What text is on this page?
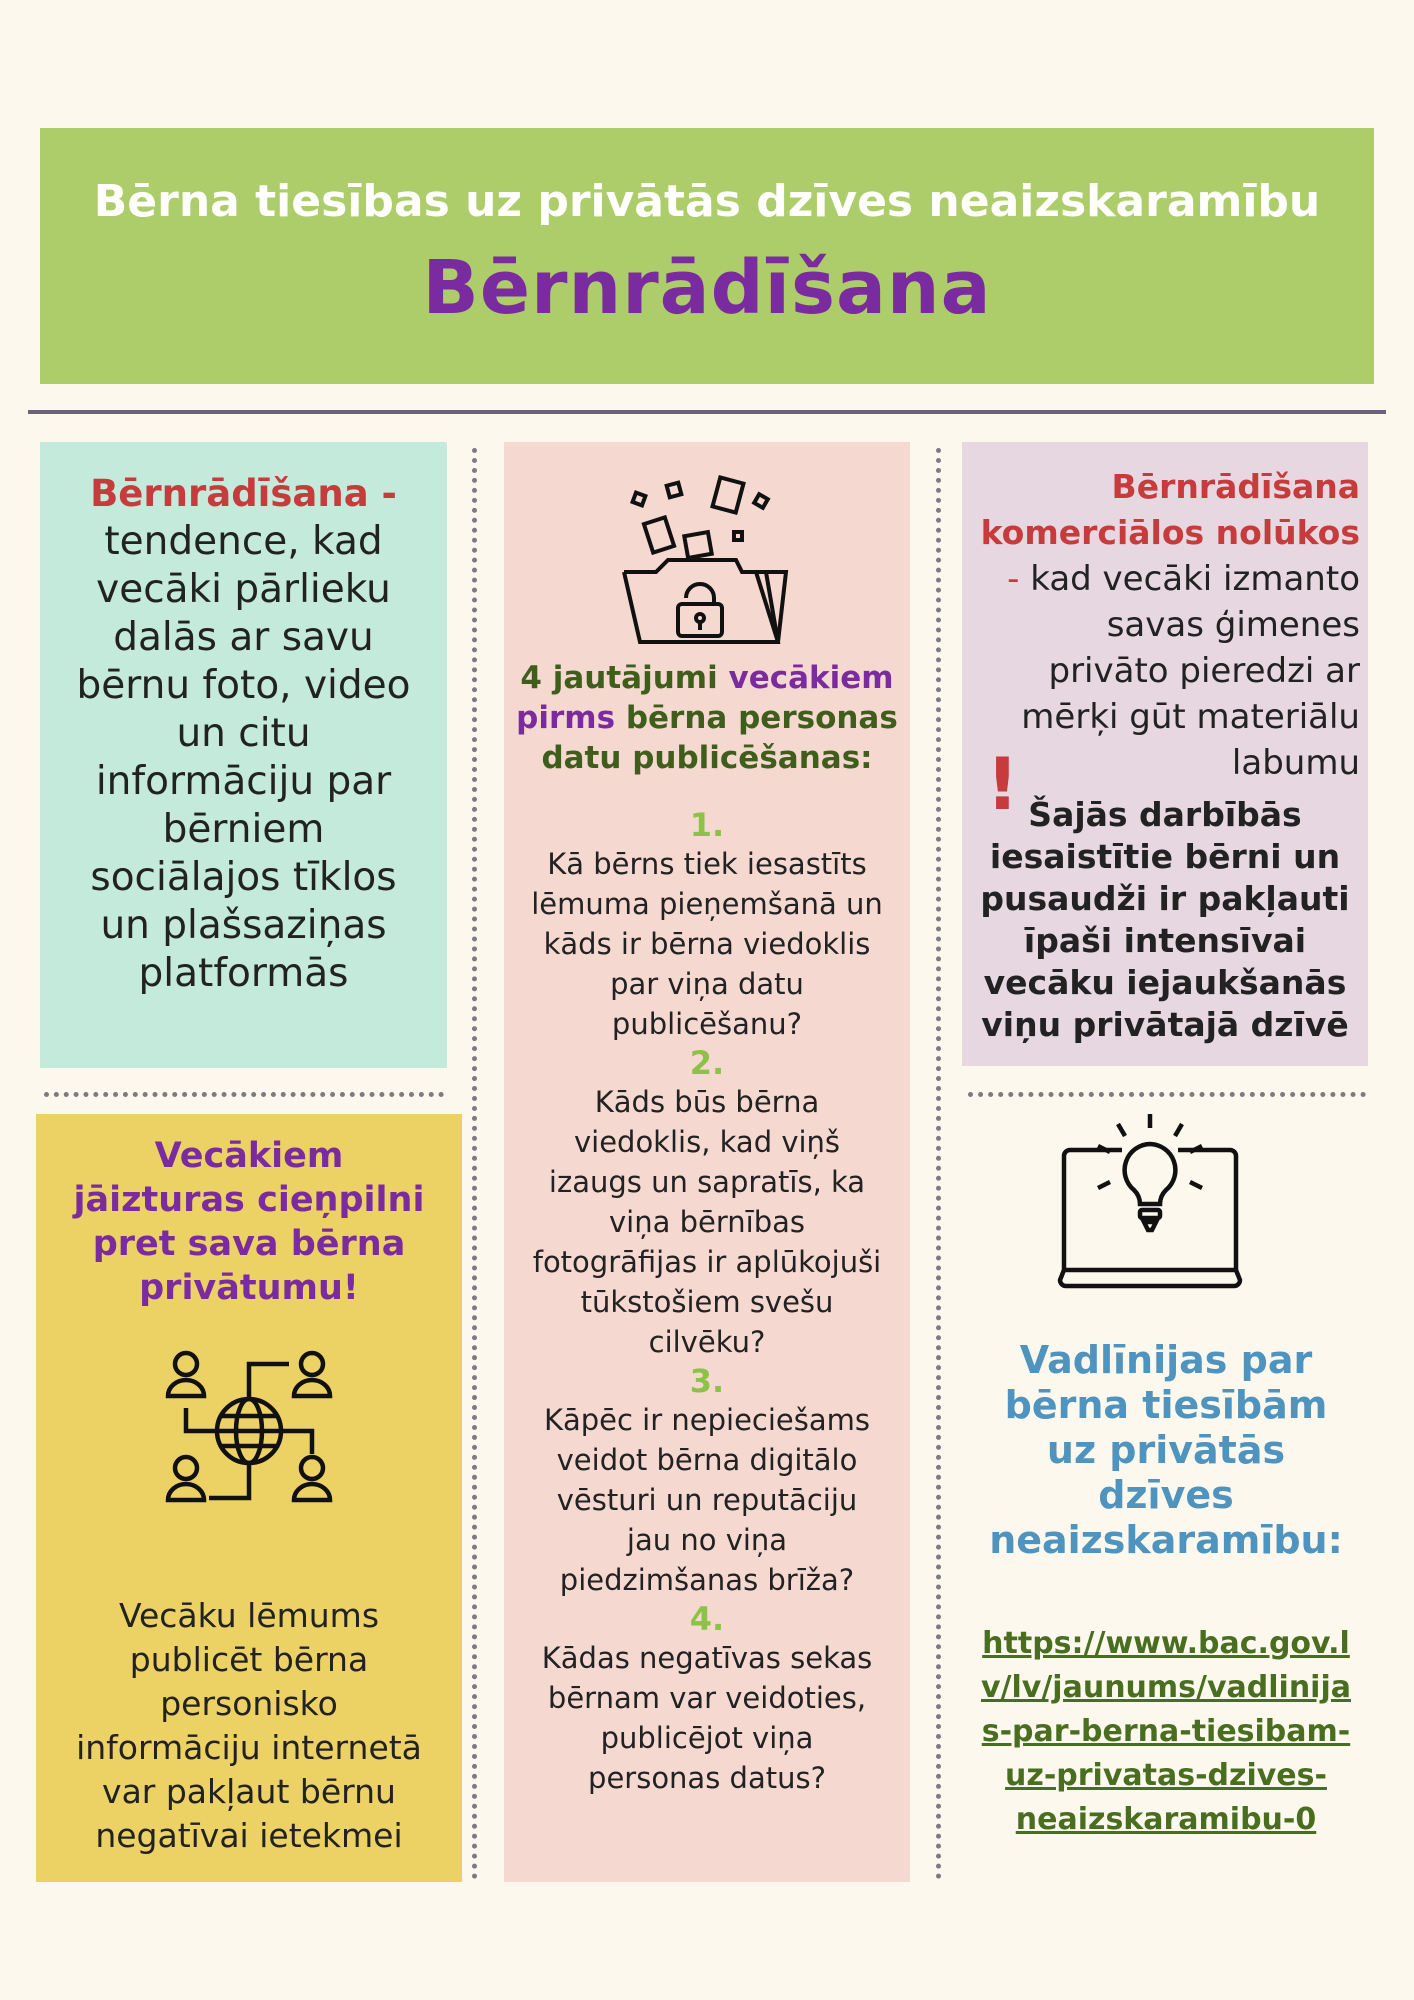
Bērna tiesības uz privātās dzīves neaizskaramību
Bērnrādīšana
Bērnrādīšana -
tendence, kad
vecāki pārlieku
dalās ar savu
bērnu foto, video
un citu
informāciju par
bērniem
sociālajos tīklos
un plašsaziņas
platformās
Vecākiem
jāizturas cieņpilni
pret sava bērna
privātumu!
Vecāku lēmums
publicēt bērna
personisko
informāciju internetā
var pakļaut bērnu
negatīvai ietekmei
4 jautājumi vecākiem
pirms bērna personas
datu publicēšanas:
1.
Kā bērns tiek iesastīts
lēmuma pieņemšanā un
kāds ir bērna viedoklis
par viņa datu
publicēšanu?
2.
Kāds būs bērna
viedoklis, kad viņš
izaugs un sapratīs, ka
viņa bērnības
fotogrāfijas ir aplūkojuši
tūkstošiem svešu
cilvēku?
3.
Kāpēc ir nepieciešams
veidot bērna digitālo
vēsturi un reputāciju
jau no viņa
piedzimšanas brīža?
4.
Kādas negatīvas sekas
bērnam var veidoties,
publicējot viņa
personas datus?
Bērnrādīšana
komerciālos nolūkos
- kad vecāki izmanto
savas ģimenes
privāto pieredzi ar
mērķi gūt materiālu
labumu
! Šajās darbībās
iesaistītie bērni un
pusaudži ir pakļauti
īpaši intensīvai
vecāku iejaukšanās
viņu privātajā dzīvē
Vadlīnijas par
bērna tiesībām
uz privātās
dzīves
neaizskaramību:
https://www.bac.gov.l
v/lv/jaunums/vadlinija
s-par-berna-tiesibam-
uz-privatas-dzives-
neaizskaramibu-0
